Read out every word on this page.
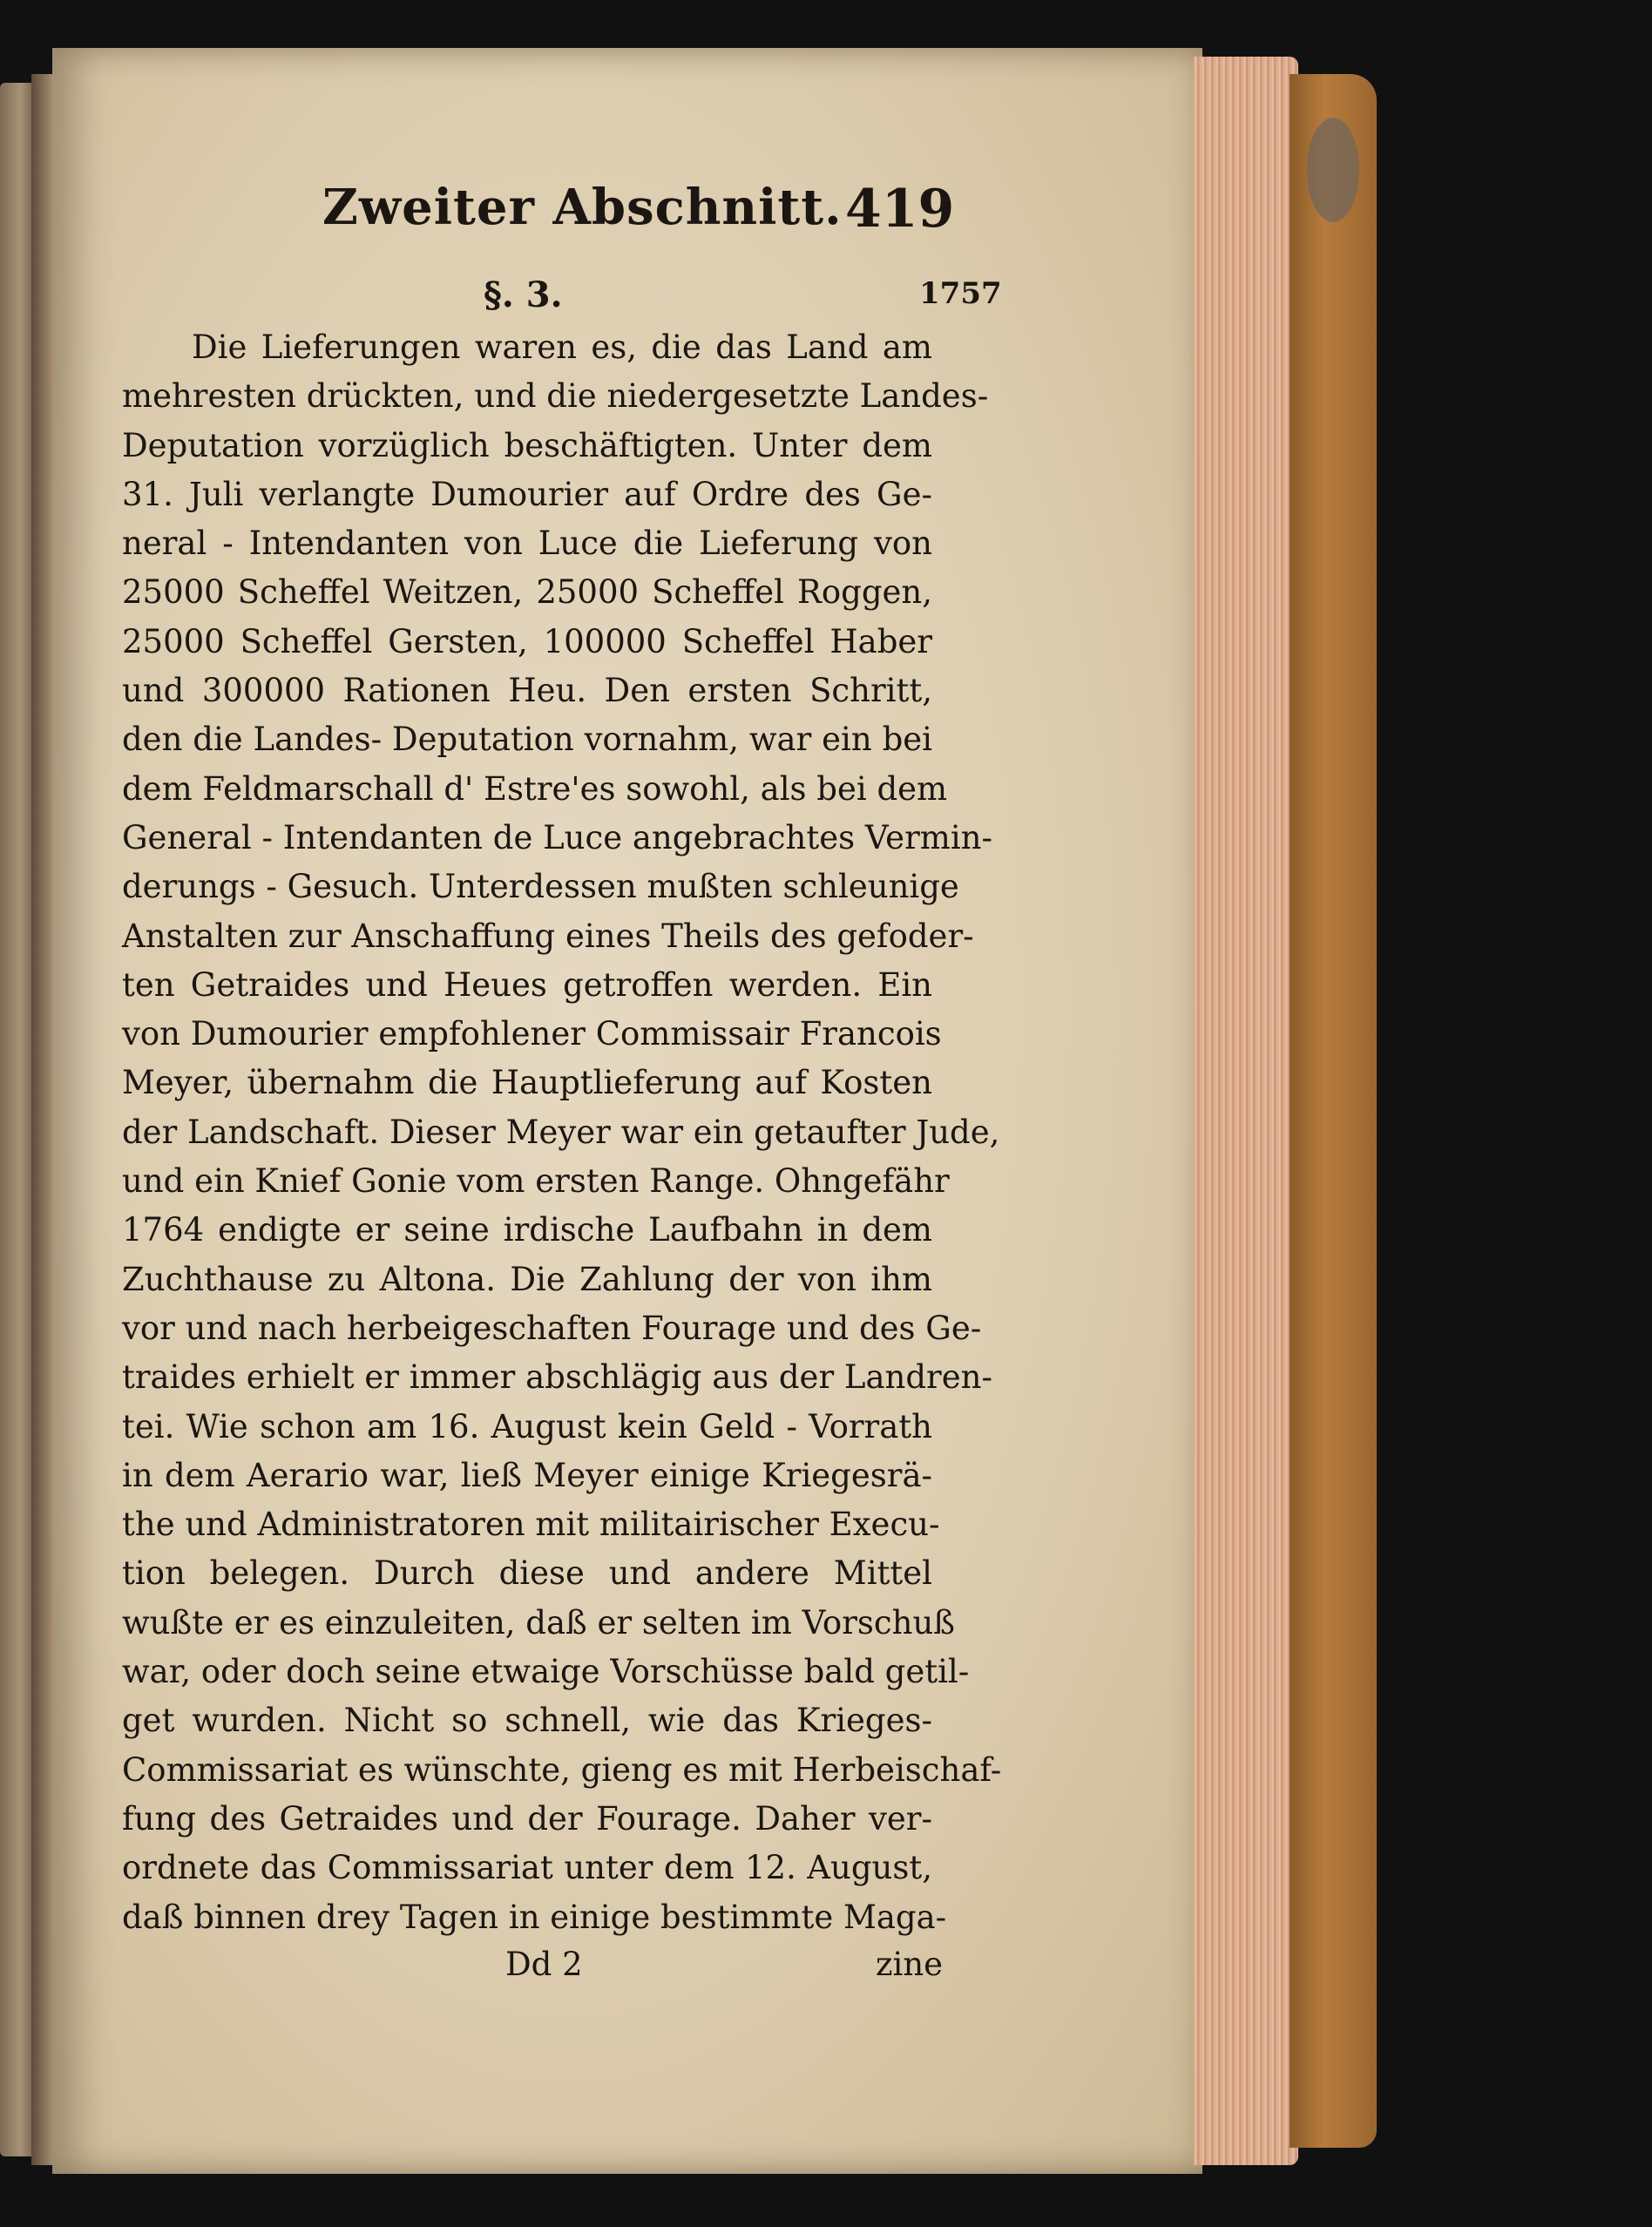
Zweiter Abschnitt. 419
§. 3.	1757
Die Lieferungen waren es, die das Land am
mehresten drückten, und die niedergesetzte Landes-
Deputation vorzüglich beschäftigten. Unter dem
31. Juli verlangte Dumourier auf Ordre des Ge-
neral - Intendanten von Luce die Lieferung von
25000 Scheffel Weitzen, 25000 Scheffel Roggen,
25000 Scheffel Gersten, 100000 Scheffel Haber
und 300000 Rationen Heu. Den ersten Schritt,
den die Landes- Deputation vornahm, war ein bei
dem Feldmarschall d' Estre'es sowohl, als bei dem
General - Intendanten de Luce angebrachtes Vermin-
derungs - Gesuch. Unterdessen mußten schleunige
Anstalten zur Anschaffung eines Theils des gefoder-
ten Getraides und Heues getroffen werden. Ein
von Dumourier empfohlener Commissair Francois
Meyer, übernahm die Hauptlieferung auf Kosten
der Landschaft. Dieser Meyer war ein getaufter Jude,
und ein Knief Gonie vom ersten Range. Ohngefähr
1764 endigte er seine irdische Laufbahn in dem
Zuchthause zu Altona. Die Zahlung der von ihm
vor und nach herbeigeschaften Fourage und des Ge-
traides erhielt er immer abschlägig aus der Landren-
tei. Wie schon am 16. August kein Geld - Vorrath
in dem Aerario war, ließ Meyer einige Kriegesrä-
the und Administratoren mit militairischer Execu-
tion belegen. Durch diese und andere Mittel
wußte er es einzuleiten, daß er selten im Vorschuß
war, oder doch seine etwaige Vorschüsse bald getil-
get wurden. Nicht so schnell, wie das Krieges-
Commissariat es wünschte, gieng es mit Herbeischaf-
fung des Getraides und der Fourage. Daher ver-
ordnete das Commissariat unter dem 12. August,
daß binnen drey Tagen in einige bestimmte Maga-
Dd 2	zine
